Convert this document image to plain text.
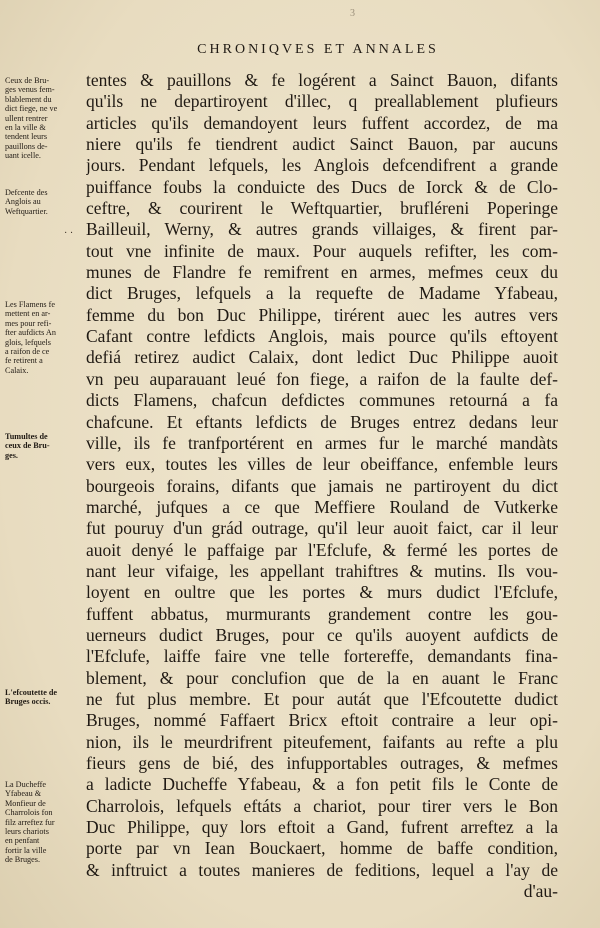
3
CHRONIQVES ET ANNALES
tentes & pauillons & fe logérent a Sainct Bauon, difants
qu'ils ne departiroyent d'illec, q preallablement plufieurs
articles qu'ils demandoyent leurs fuffent accordez, de ma
niere qu'ils fe tiendrent audict Sainct Bauon, par aucuns
jours. Pendant lefquels, les Anglois defcendifrent a grande
puiffance foubs la conduicte des Ducs de Iorck & de Clo-
ceftre, & courirent le Weftquartier, brufléreni Poperinge
Bailleuil, Werny, & autres grands villaiges, & firent par-
tout vne infinite de maux. Pour auquels refifter, les com-
munes de Flandre fe remifrent en armes, mefmes ceux du
dict Bruges, lefquels a la requefte de Madame Yfabeau,
femme du bon Duc Philippe, tirérent auec les autres vers
Cafant contre lefdicts Anglois, mais pource qu'ils eftoyent
defiá retirez audict Calaix, dont ledict Duc Philippe auoit
vn peu auparauant leué fon fiege, a raifon de la faulte def-
dicts Flamens, chafcun defdictes communes retourná a fa
chafcune. Et eftants lefdicts de Bruges entrez dedans leur
ville, ils fe tranfportérent en armes fur le marché mandàts
vers eux, toutes les villes de leur obeiffance, enfemble leurs
bourgeois forains, difants que jamais ne partiroyent du dict
marché, jufques a ce que Meffiere Rouland de Vutkerke
fut pouruy d'un grád outrage, qu'il leur auoit faict, car il leur
auoit denyé le paffaige par l'Efclufe, & fermé les portes de
nant leur vifaige, les appellant trahiftres & mutins. Ils vou-
loyent en oultre que les portes & murs dudict l'Efclufe,
fuffent abbatus, murmurants grandement contre les gou-
uerneurs dudict Bruges, pour ce qu'ils auoyent aufdicts de
l'Efclufe, laiffe faire vne telle fortereffe, demandants fina-
blement, & pour conclufion que de la en auant le Franc
ne fut plus membre. Et pour autát que l'Efcoutette dudict
Bruges, nommé Faffaert Bricx eftoit contraire a leur opi-
nion, ils le meurdrifrent piteufement, faifants au refte a plu
fieurs gens de bié, des infupportables outrages, & mefmes
a ladicte Ducheffe Yfabeau, & a fon petit fils le Conte de
Charrolois, lefquels eftáts a chariot, pour tirer vers le Bon
Duc Philippe, quy lors eftoit a Gand, fufrent arreftez a la
porte par vn Iean Bouckaert, homme de baffe condition,
& inftruict a toutes manieres de feditions, lequel a l'ay de
d'au-
Ceux de Bru-
ges venus fem-
blablement du
dict fiege, ne ve
ullent rentrer
en la ville &
tendent leurs
pauillons de-
uant icelle.
Defcente des
Anglois au
Weftquartier.
· ·
Les Flamens fe
mettent en ar-
mes pour refi-
fter aufdicts An
glois, lefquels
a raifon de ce
fe retirent a
Calaix.
Tumultes de
ceux de Bru-
ges.
L'efcoutette de
Bruges occis.
La Ducheffe
Yfabeau &
Monfieur de
Charrolois fon
filz arreftez fur
leurs chariots
en penfant
fortir la ville
de Bruges.
